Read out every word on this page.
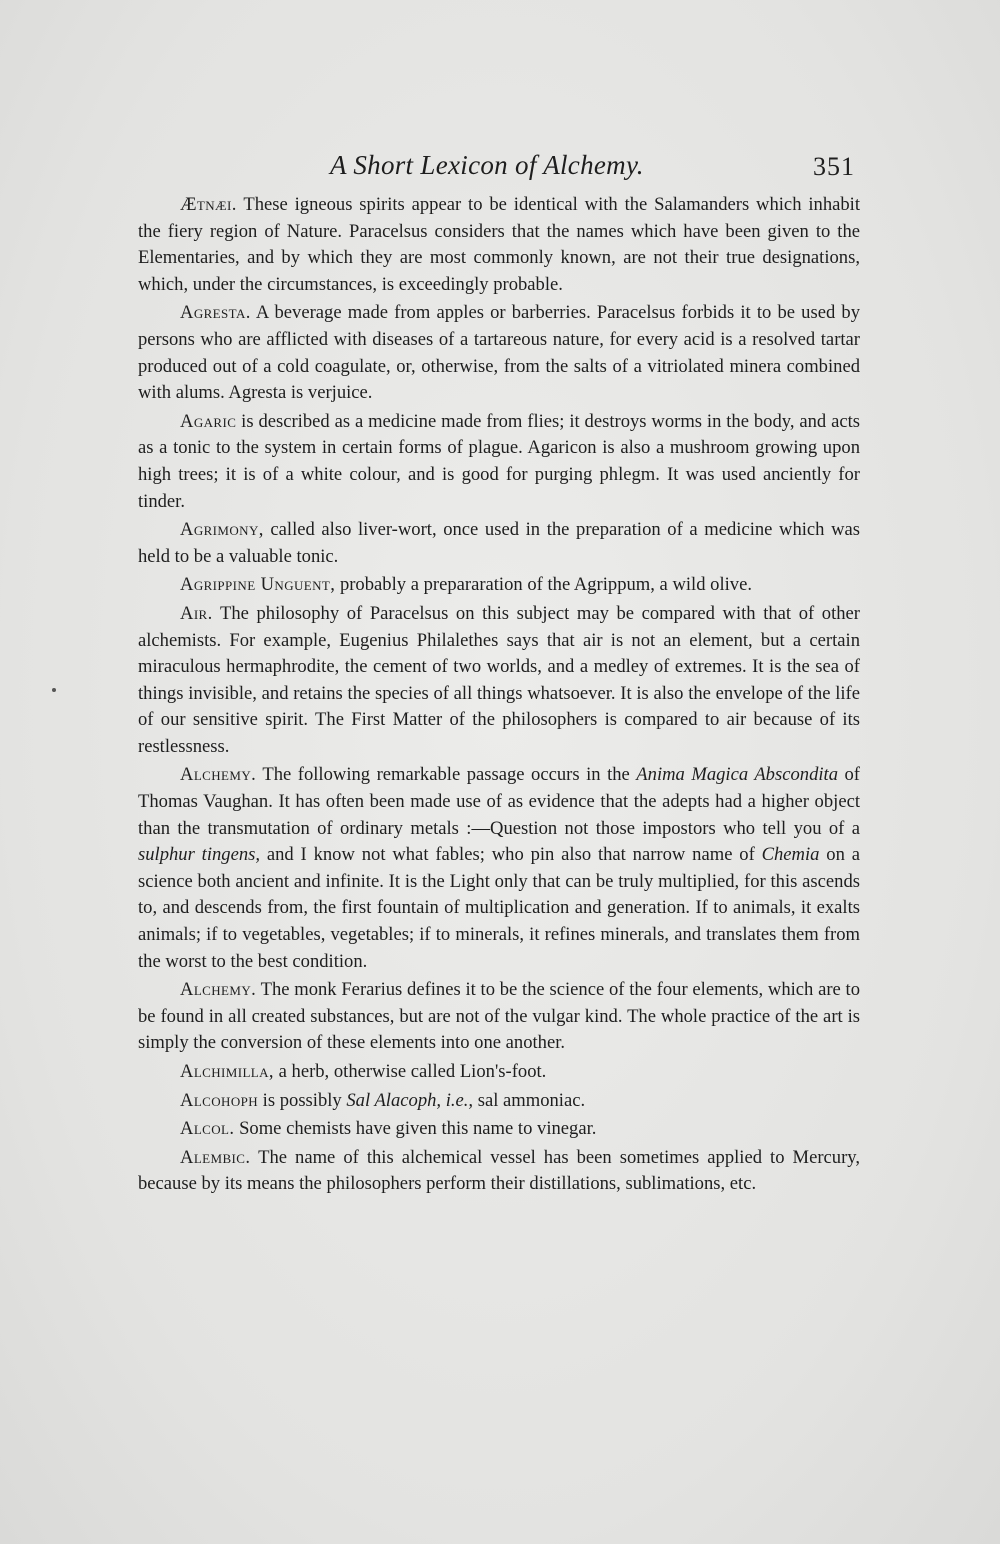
A Short Lexicon of Alchemy.	351

Ætnæi. These igneous spirits appear to be identical with the Salamanders which inhabit the fiery region of Nature. Paracelsus considers that the names which have been given to the Elementaries, and by which they are most commonly known, are not their true designations, which, under the circumstances, is exceedingly probable.

Agresta. A beverage made from apples or barberries. Paracelsus forbids it to be used by persons who are afflicted with diseases of a tartareous nature, for every acid is a resolved tartar produced out of a cold coagulate, or, otherwise, from the salts of a vitriolated minera combined with alums. Agresta is verjuice.

Agaric is described as a medicine made from flies; it destroys worms in the body, and acts as a tonic to the system in certain forms of plague. Agaricon is also a mushroom growing upon high trees; it is of a white colour, and is good for purging phlegm. It was used anciently for tinder.

Agrimony, called also liver-wort, once used in the preparation of a medicine which was held to be a valuable tonic.

Agrippine Unguent, probably a prepararation of the Agrippum, a wild olive.

Air. The philosophy of Paracelsus on this subject may be compared with that of other alchemists. For example, Eugenius Philalethes says that air is not an element, but a certain miraculous hermaphrodite, the cement of two worlds, and a medley of extremes. It is the sea of things invisible, and retains the species of all things whatsoever. It is also the envelope of the life of our sensitive spirit. The First Matter of the philosophers is compared to air because of its restlessness.

Alchemy. The following remarkable passage occurs in the Anima Magica Abscondita of Thomas Vaughan. It has often been made use of as evidence that the adepts had a higher object than the transmutation of ordinary metals :—Question not those impostors who tell you of a sulphur tingens, and I know not what fables; who pin also that narrow name of Chemia on a science both ancient and infinite. It is the Light only that can be truly multiplied, for this ascends to, and descends from, the first fountain of multiplication and generation. If to animals, it exalts animals; if to vegetables, vegetables; if to minerals, it refines minerals, and translates them from the worst to the best condition.

Alchemy. The monk Ferarius defines it to be the science of the four elements, which are to be found in all created substances, but are not of the vulgar kind. The whole practice of the art is simply the conversion of these elements into one another.

Alchimilla, a herb, otherwise called Lion's-foot.

Alcohoph is possibly Sal Alacoph, i.e., sal ammoniac.

Alcol. Some chemists have given this name to vinegar.

Alembic. The name of this alchemical vessel has been sometimes applied to Mercury, because by its means the philosophers perform their distillations, sublimations, etc.
